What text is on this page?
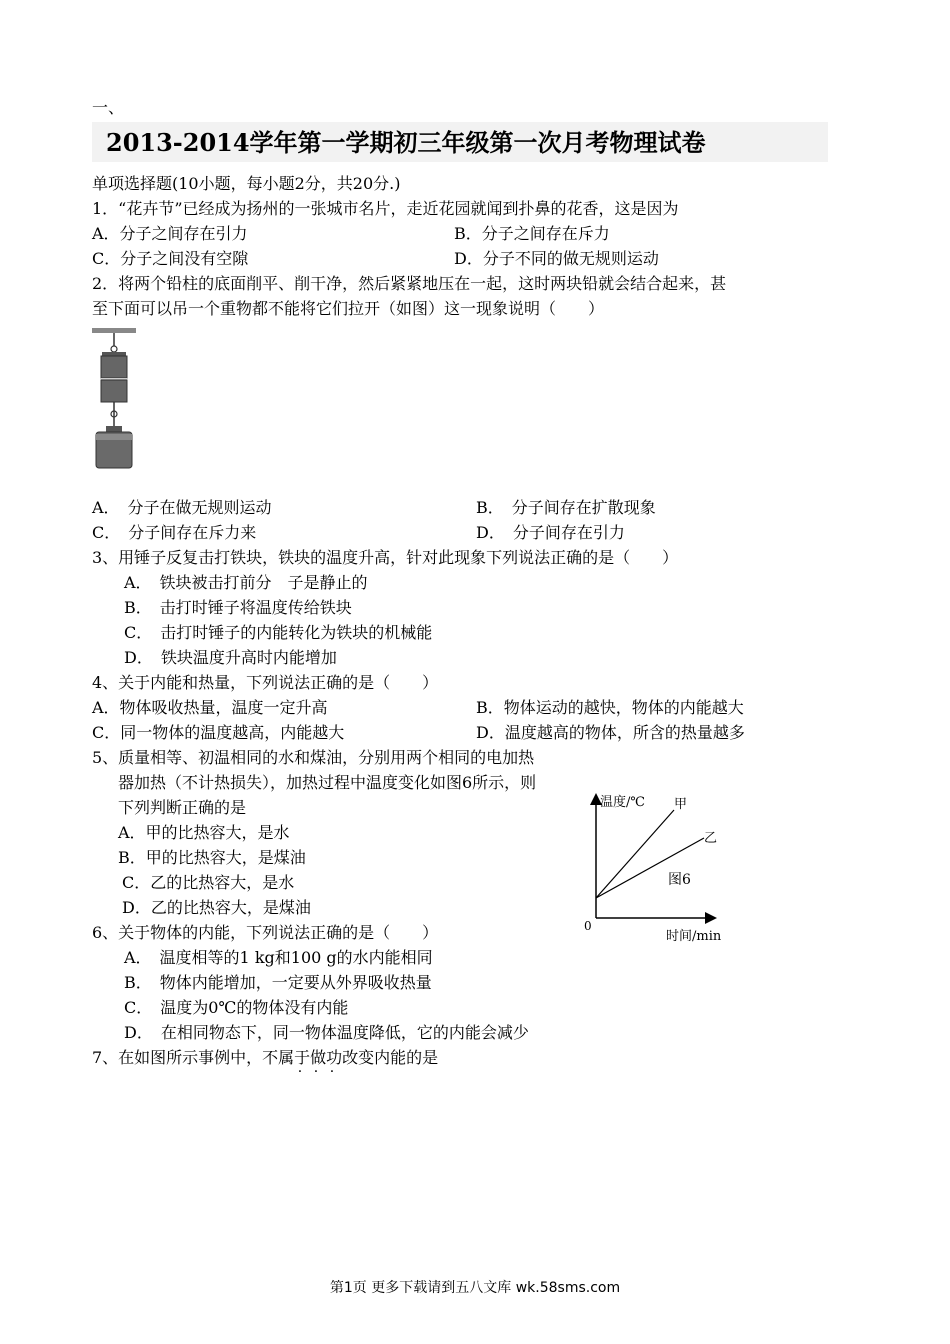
一、
2013-2014学年第一学期初三年级第一次月考物理试卷
单项选择题(10小题，每小题2分，共20分.)
1．“花卉节”已经成为扬州的一张城市名片，走近花园就闻到扑鼻的花香，这是因为
A．分子之间存在引力	B．分子之间存在斥力
C．分子之间没有空隙	D．分子不同的做无规则运动
2．将两个铅柱的底面削平、削干净，然后紧紧地压在一起，这时两块铅就会结合起来，甚
至下面可以吊一个重物都不能将它们拉开（如图）这一现象说明（　　）
A．　分子在做无规则运动	B．　分子间存在扩散现象
C．　分子间存在斥力来	D．　分子间存在引力
3、用锤子反复击打铁块，铁块的温度升高，针对此现象下列说法正确的是（　　）
A．　铁块被击打前分　子是静止的
B．　击打时锤子将温度传给铁块
C．　击打时锤子的内能转化为铁块的机械能
D．　铁块温度升高时内能增加
4、关于内能和热量，下列说法正确的是（　　）
A．物体吸收热量，温度一定升高	B．物体运动的越快，物体的内能越大
C．同一物体的温度越高，内能越大	D．温度越高的物体，所含的热量越多
5、质量相等、初温相同的水和煤油，分别用两个相同的电加热
器加热（不计热损失），加热过程中温度变化如图6所示，则
下列判断正确的是
A．甲的比热容大，是水
B．甲的比热容大，是煤油
C．乙的比热容大，是水
D．乙的比热容大，是煤油
温度/℃ 甲
乙
图6
0
时间/min
6、关于物体的内能，下列说法正确的是（　　）
A．　温度相等的1 kg和100 g的水内能相同
B．　物体内能增加，一定要从外界吸收热量
C．　温度为0℃的物体没有内能
D．　在相同物态下，同一物体温度降低，它的内能会减少
7、在如图所示事例中，不属于做功改变内能的是
· · ·
第1页 更多下载请到五八文库 wk.58sms.com
